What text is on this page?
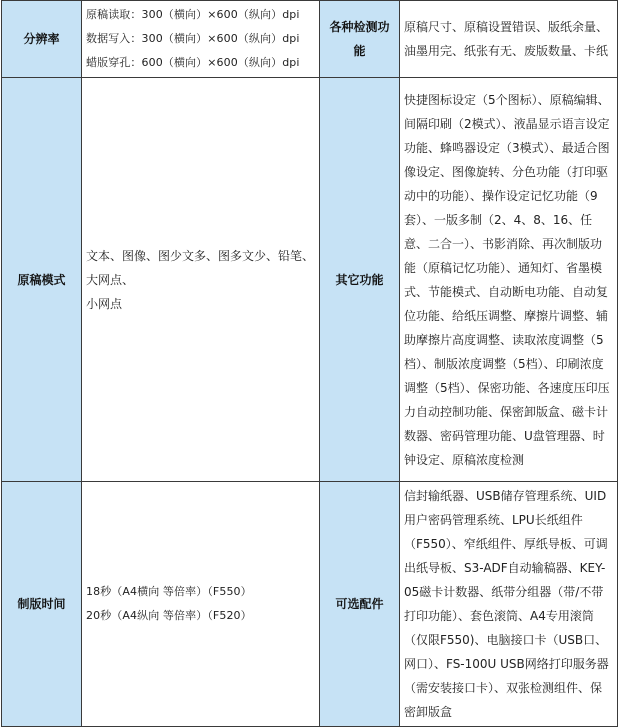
分辨率	原稿读取：300（横向）×600（纵向）dpi
数据写入：300（横向）×600（纵向）dpi
蜡版穿孔：600（横向）×600（纵向）dpi	各种检测功能	原稿尺寸、原稿设置错误、版纸余量、油墨用完、纸张有无、废版数量、卡纸
原稿模式	文本、图像、图少文多、图多文少、铅笔、大网点、
小网点	其它功能	快捷图标设定（5个图标）、原稿编辑、间隔印刷（2模式）、液晶显示语言设定功能、蜂鸣器设定（3模式）、最适合图像设定、图像旋转、分色功能（打印驱动中的功能）、操作设定记忆功能（9套）、一版多制（2、4、8、16、任意、二合一）、书影消除、再次制版功能（原稿记忆功能）、通知灯、省墨模式、节能模式、自动断电功能、自动复位功能、给纸压调整、摩擦片调整、辅助摩擦片高度调整、读取浓度调整（5档）、制版浓度调整（5档）、印刷浓度调整（5档）、保密功能、各速度压印压力自动控制功能、保密卸版盒、磁卡计数器、密码管理功能、U盘管理器、时钟设定、原稿浓度检测
制版时间	18秒（A4横向 等倍率）（F550）
20秒（A4纵向 等倍率）（F520）	可选配件	信封输纸器、USB储存管理系统、UID用户密码管理系统、LPU长纸组件（F550）、窄纸组件、厚纸导板、可调出纸导板、S3-ADF自动输稿器、KEY-05磁卡计数器、纸带分组器（带/不带打印功能）、套色滚筒、A4专用滚筒（仅限F550)、电脑接口卡（USB口、网口）、FS-100U USB网络打印服务器（需安装接口卡）、双张检测组件、保密卸版盒
